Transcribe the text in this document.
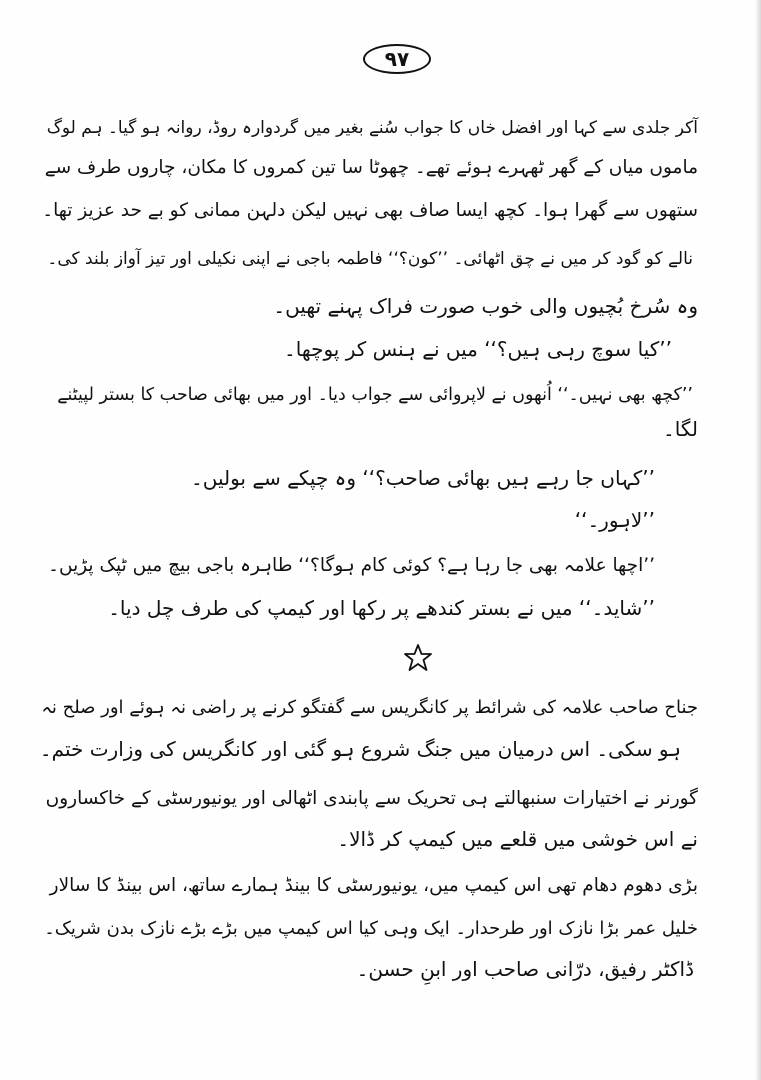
۹۷
آکر جلدی سے کہا اور افضل خاں کا جواب سُنے بغیر میں گردوارہ روڈ، روانہ ہو گیا۔ ہم لوگ
ماموں میاں کے گھر ٹھہرے ہوئے تھے۔ چھوٹا سا تین کمروں کا مکان، چاروں طرف سے
ستھوں سے گھرا ہوا۔ کچھ ایسا صاف بھی نہیں لیکن دلہن ممانی کو بے حد عزیز تھا۔
نالے کو گود کر میں نے چق اٹھائی۔ ’’کون؟‘‘ فاطمہ باجی نے اپنی نکیلی اور تیز آواز بلند کی۔
وہ سُرخ بُچیوں والی خوب صورت فراک پہنے تھیں۔
’’کیا سوچ رہی ہیں؟‘‘ میں نے ہنس کر پوچھا۔
’’کچھ بھی نہیں۔‘‘ اُنھوں نے لاپروائی سے جواب دیا۔ اور میں بھائی صاحب کا بستر لپیٹنے
لگا۔
’’کہاں جا رہے ہیں بھائی صاحب؟‘‘ وہ چپکے سے بولیں۔
’’لاہور۔‘‘
’’اچھا علامہ بھی جا رہا ہے؟ کوئی کام ہوگا؟‘‘ طاہرہ باجی بیچ میں ٹپک پڑیں۔
’’شاید۔‘‘ میں نے بستر کندھے پر رکھا اور کیمپ کی طرف چل دیا۔
جناح صاحب علامہ کی شرائط پر کانگریس سے گفتگو کرنے پر راضی نہ ہوئے اور صلح نہ
ہو سکی۔ اس درمیان میں جنگ شروع ہو گئی اور کانگریس کی وزارت ختم۔
گورنر نے اختیارات سنبھالتے ہی تحریک سے پابندی اٹھالی اور یونیورسٹی کے خاکساروں
نے اس خوشی میں قلعے میں کیمپ کر ڈالا۔
بڑی دھوم دھام تھی اس کیمپ میں، یونیورسٹی کا بینڈ ہمارے ساتھ، اس بینڈ کا سالار
خلیل عمر بڑا نازک اور طرحدار۔ ایک وہی کیا اس کیمپ میں بڑے بڑے نازک بدن شریک۔
ڈاکٹر رفیق، درّانی صاحب اور ابنِ حسن۔
